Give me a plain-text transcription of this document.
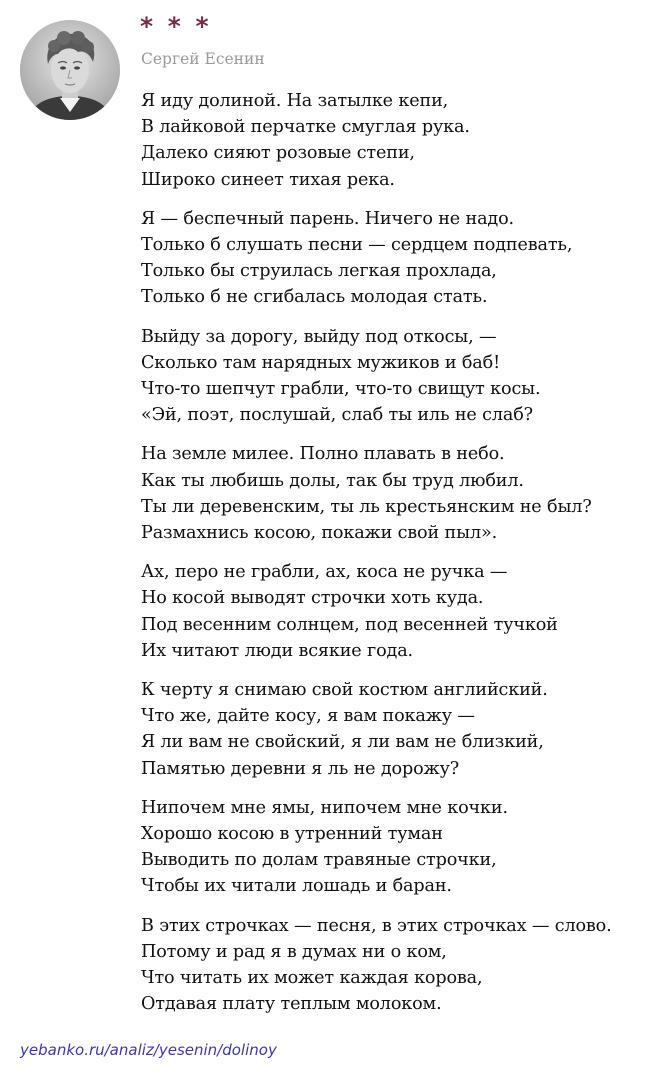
* * *
Сергей Есенин
Я иду долиной. На затылке кепи,
В лайковой перчатке смуглая рука.
Далеко сияют розовые степи,
Широко синеет тихая река.
Я — беспечный парень. Ничего не надо.
Только б слушать песни — сердцем подпевать,
Только бы струилась легкая прохлада,
Только б не сгибалась молодая стать.
Выйду за дорогу, выйду под откосы, —
Сколько там нарядных мужиков и баб!
Что-то шепчут грабли, что-то свищут косы.
«Эй, поэт, послушай, слаб ты иль не слаб?
На земле милее. Полно плавать в небо.
Как ты любишь долы, так бы труд любил.
Ты ли деревенским, ты ль крестьянским не был?
Размахнись косою, покажи свой пыл».
Ах, перо не грабли, ах, коса не ручка —
Но косой выводят строчки хоть куда.
Под весенним солнцем, под весенней тучкой
Их читают люди всякие года.
К черту я снимаю свой костюм английский.
Что же, дайте косу, я вам покажу —
Я ли вам не свойский, я ли вам не близкий,
Памятью деревни я ль не дорожу?
Нипочем мне ямы, нипочем мне кочки.
Хорошо косою в утренний туман
Выводить по долам травяные строчки,
Чтобы их читали лошадь и баран.
В этих строчках — песня, в этих строчках — слово.
Потому и рад я в думах ни о ком,
Что читать их может каждая корова,
Отдавая плату теплым молоком.
yebanko.ru/analiz/yesenin/dolinoy
